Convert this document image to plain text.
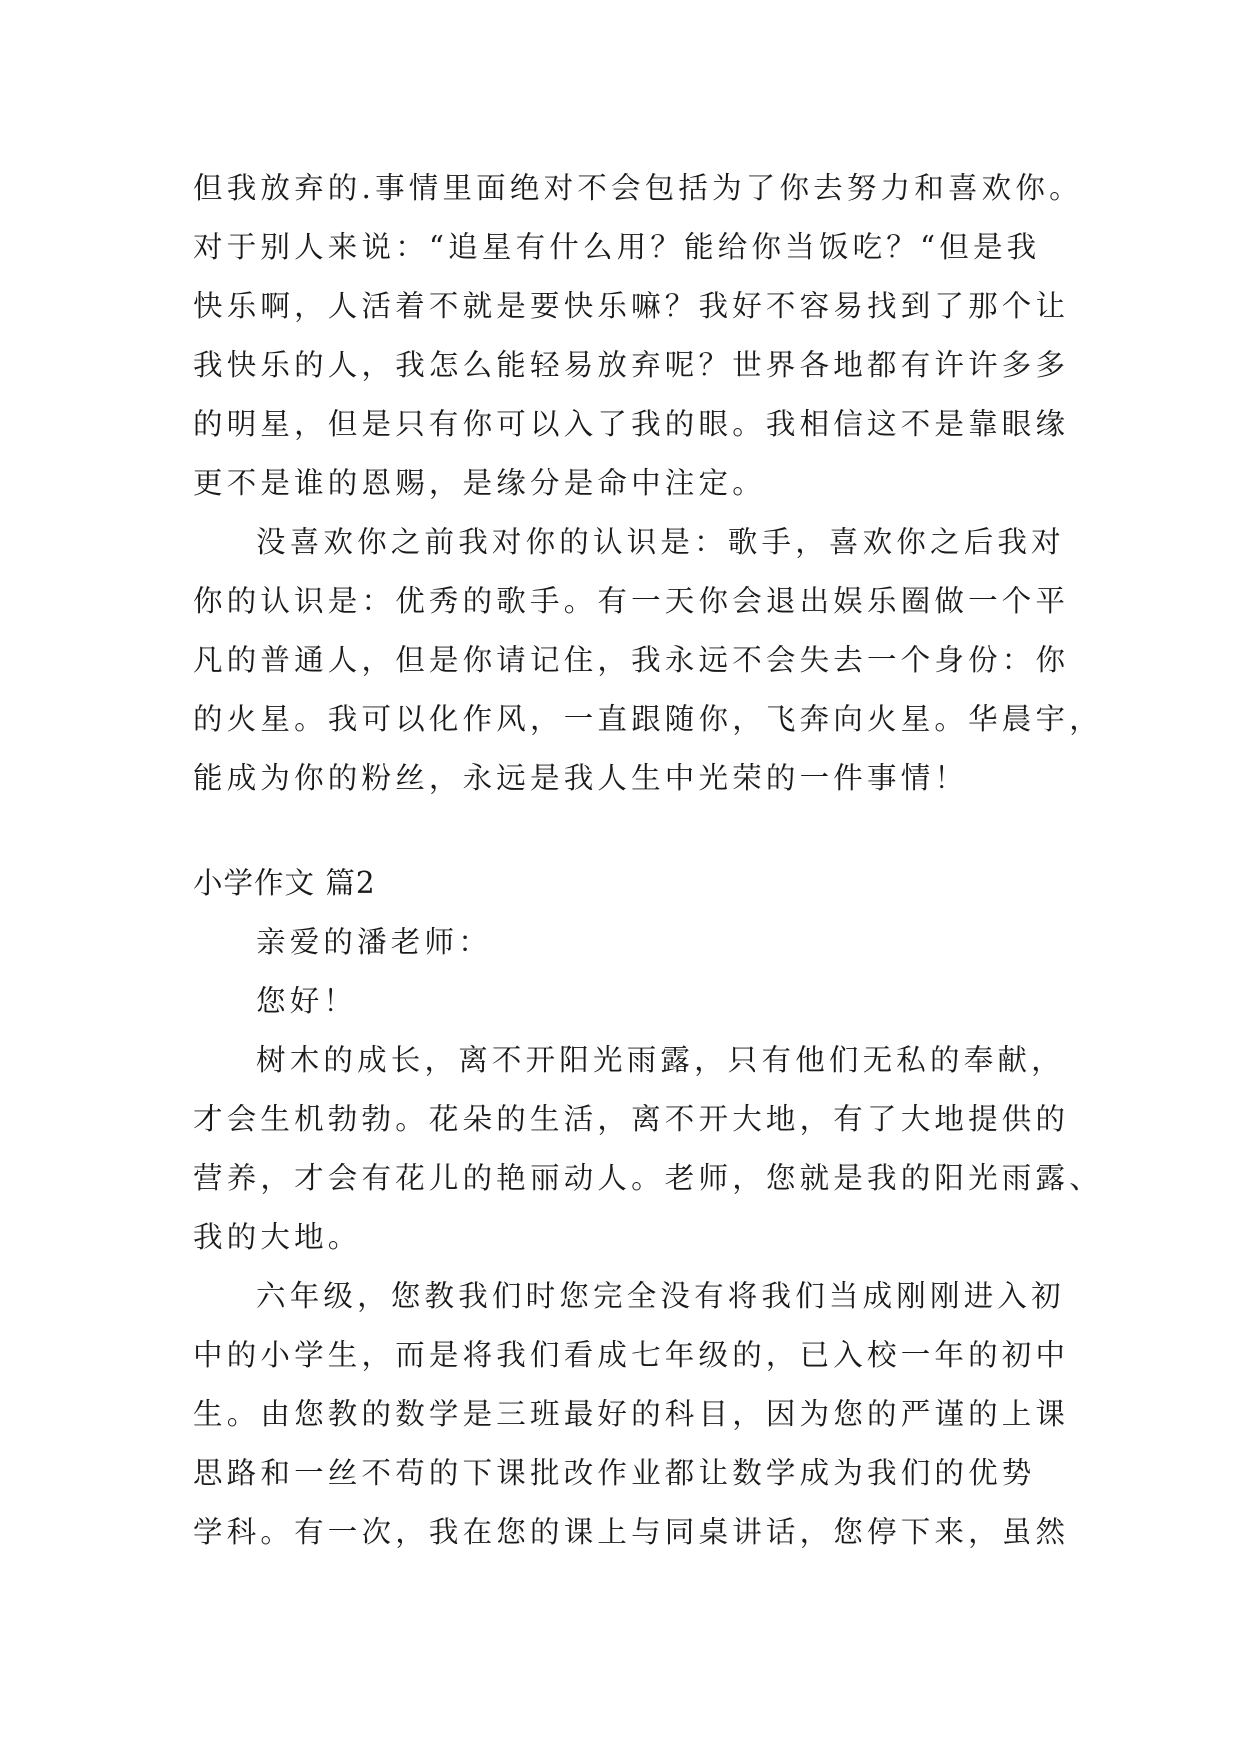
但我放弃的.事情里面绝对不会包括为了你去努力和喜欢你。
对于别人来说：“追星有什么用？能给你当饭吃？“但是我
快乐啊，人活着不就是要快乐嘛？我好不容易找到了那个让
我快乐的人，我怎么能轻易放弃呢？世界各地都有许许多多
的明星，但是只有你可以入了我的眼。我相信这不是靠眼缘
更不是谁的恩赐，是缘分是命中注定。
没喜欢你之前我对你的认识是：歌手，喜欢你之后我对
你的认识是：优秀的歌手。有一天你会退出娱乐圈做一个平
凡的普通人，但是你请记住，我永远不会失去一个身份：你
的火星。我可以化作风，一直跟随你，飞奔向火星。华晨宇，
能成为你的粉丝，永远是我人生中光荣的一件事情！
小学作文 篇2
亲爱的潘老师：
您好！
树木的成长，离不开阳光雨露，只有他们无私的奉献，
才会生机勃勃。花朵的生活，离不开大地，有了大地提供的
营养，才会有花儿的艳丽动人。老师，您就是我的阳光雨露、
我的大地。
六年级，您教我们时您完全没有将我们当成刚刚进入初
中的小学生，而是将我们看成七年级的，已入校一年的初中
生。由您教的数学是三班最好的科目，因为您的严谨的上课
思路和一丝不苟的下课批改作业都让数学成为我们的优势
学科。有一次，我在您的课上与同桌讲话，您停下来，虽然
